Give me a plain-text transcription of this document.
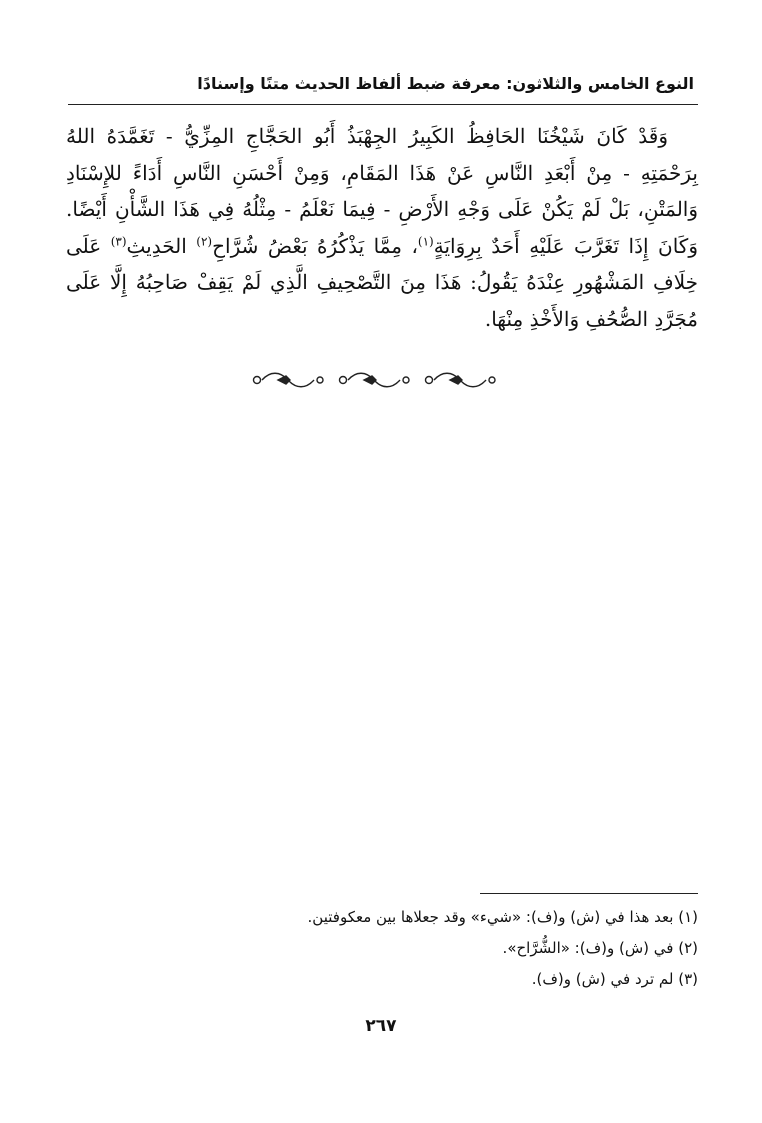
النوع الخامس والثلاثون: معرفة ضبط ألفاظ الحديث متنًا وإسنادًا

وَقَدْ كَانَ شَيْخُنَا الحَافِظُ الكَبِيرُ الجِهْبَذُ أَبُو الحَجَّاجِ المِزِّيُّ - تَغَمَّدَهُ اللهُ بِرَحْمَتِهِ - مِنْ أَبْعَدِ النَّاسِ عَنْ هَذَا المَقَامِ، وَمِنْ أَحْسَنِ النَّاسِ أَدَاءً للإِسْنَادِ وَالمَتْنِ، بَلْ لَمْ يَكُنْ عَلَى وَجْهِ الأَرْضِ - فِيمَا نَعْلَمُ - مِثْلُهُ فِي هَذَا الشَّأْنِ أَيْضًا. وَكَانَ إِذَا تَغَرَّبَ عَلَيْهِ أَحَدٌ بِرِوَايَةٍ$^{(١)}$، مِمَّا يَذْكُرُهُ بَعْضُ شُرَّاحِ$^{(٢)}$ الحَدِيثِ$^{(٣)}$ عَلَى خِلَافِ المَشْهُورِ عِنْدَهُ يَقُولُ: هَذَا مِنَ التَّصْحِيفِ الَّذِي لَمْ يَقِفْ صَاحِبُهُ إِلَّا عَلَى مُجَرَّدِ الصُّحُفِ وَالأَخْذِ مِنْهَا.

(١) بعد هذا في (ش) و(ف): «شيء» وقد جعلاها بين معكوفتين.
(٢) في (ش) و(ف): «الشُّرَّاح».
(٣) لم ترد في (ش) و(ف).
٢٦٧
